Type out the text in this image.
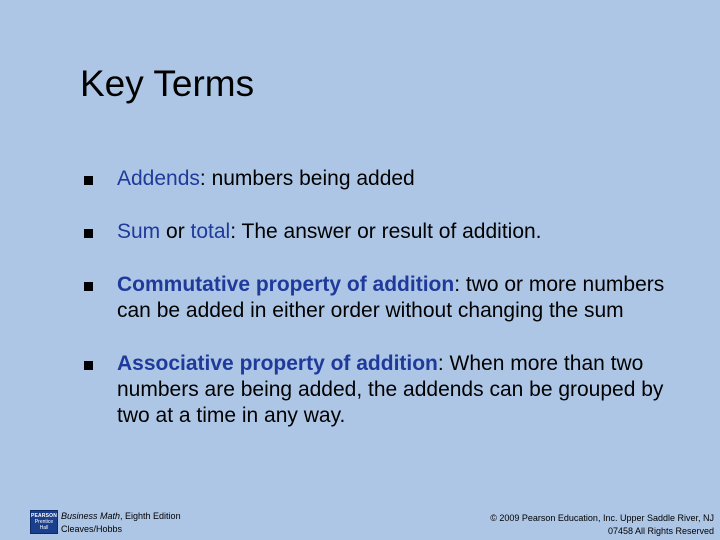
Key Terms
Addends: numbers being added
Sum or total: The answer or result of addition.
Commutative property of addition: two or more numbers can be added in either order without changing the sum
Associative property of addition: When more than two numbers are being added, the addends can be grouped by two at a time in any way.
PEARSON
Prentice
Hall
Business Math, Eighth Edition
Cleaves/Hobbs
© 2009 Pearson Education, Inc. Upper Saddle River, NJ
07458 All Rights Reserved
